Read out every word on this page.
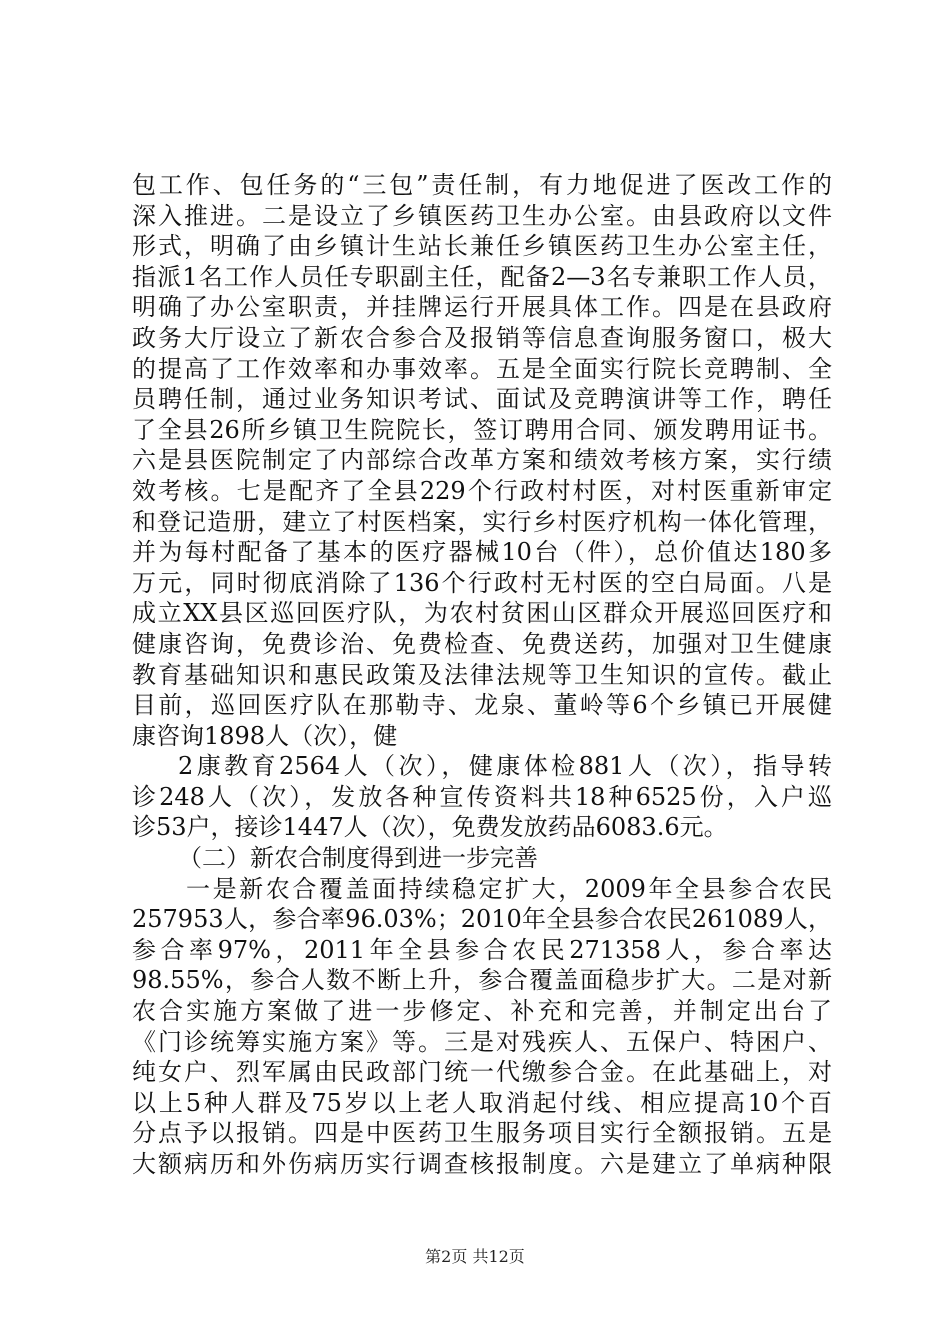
包工作、包任务的“三包”责任制，有力地促进了医改工作的
深入推进。二是设立了乡镇医药卫生办公室。由县政府以文件
形式，明确了由乡镇计生站长兼任乡镇医药卫生办公室主任，
指派1名工作人员任专职副主任，配备2—3名专兼职工作人员，
明确了办公室职责，并挂牌运行开展具体工作。四是在县政府
政务大厅设立了新农合参合及报销等信息查询服务窗口，极大
的提高了工作效率和办事效率。五是全面实行院长竞聘制、全
员聘任制，通过业务知识考试、面试及竞聘演讲等工作，聘任
了全县26所乡镇卫生院院长，签订聘用合同、颁发聘用证书。
六是县医院制定了内部综合改革方案和绩效考核方案，实行绩
效考核。七是配齐了全县229个行政村村医，对村医重新审定
和登记造册，建立了村医档案，实行乡村医疗机构一体化管理，
并为每村配备了基本的医疗器械10台（件），总价值达180多
万元，同时彻底消除了136个行政村无村医的空白局面。八是
成立XX县区巡回医疗队，为农村贫困山区群众开展巡回医疗和
健康咨询，免费诊治、免费检查、免费送药，加强对卫生健康
教育基础知识和惠民政策及法律法规等卫生知识的宣传。截止
目前，巡回医疗队在那勒寺、龙泉、董岭等6个乡镇已开展健
康咨询1898人（次），健
2康教育2564人（次），健康体检881人（次），指导转
诊248人（次），发放各种宣传资料共18种6525份，入户巡
诊53户，接诊1447人（次），免费发放药品6083.6元。
（二）新农合制度得到进一步完善
一是新农合覆盖面持续稳定扩大，2009年全县参合农民
257953人，参合率96.03%；2010年全县参合农民261089人，
参合率97%，2011年全县参合农民271358人，参合率达
98.55%，参合人数不断上升，参合覆盖面稳步扩大。二是对新
农合实施方案做了进一步修定、补充和完善，并制定出台了
《门诊统筹实施方案》等。三是对残疾人、五保户、特困户、
纯女户、烈军属由民政部门统一代缴参合金。在此基础上，对
以上5种人群及75岁以上老人取消起付线、相应提高10个百
分点予以报销。四是中医药卫生服务项目实行全额报销。五是
大额病历和外伤病历实行调查核报制度。六是建立了单病种限
第2页 共12页
